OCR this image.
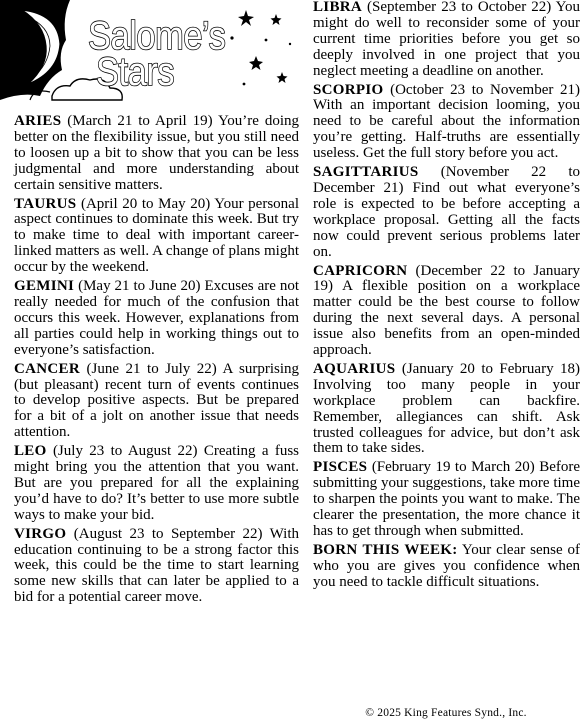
Salome’s
Stars

ARIES (March 21 to April 19) You’re doing better on the flexibility issue, but you still need to loosen up a bit to show that you can be less judgmental and more understanding about certain sensitive matters.

TAURUS (April 20 to May 20) Your personal aspect continues to dominate this week. But try to make time to deal with important career-linked matters as well. A change of plans might occur by the weekend.

GEMINI (May 21 to June 20) Excuses are not really needed for much of the confusion that occurs this week. However, explanations from all parties could help in working things out to everyone’s satisfaction.

CANCER (June 21 to July 22) A surprising (but pleasant) recent turn of events continues to develop positive aspects. But be prepared for a bit of a jolt on another issue that needs attention.

LEO (July 23 to August 22) Creating a fuss might bring you the attention that you want. But are you prepared for all the explaining you’d have to do? It’s better to use more subtle ways to make your bid.

VIRGO (August 23 to September 22) With education continuing to be a strong factor this week, this could be the time to start learning some new skills that can later be applied to a bid for a potential career move.

LIBRA (September 23 to October 22) You might do well to reconsider some of your current time priorities before you get so deeply involved in one project that you neglect meeting a deadline on another.

SCORPIO (October 23 to November 21) With an important decision looming, you need to be careful about the information you’re getting. Half-truths are essentially useless. Get the full story before you act.

SAGITTARIUS (November 22 to December 21) Find out what everyone’s role is expected to be before accepting a workplace proposal. Getting all the facts now could prevent serious problems later on.

CAPRICORN (December 22 to January 19) A flexible position on a workplace matter could be the best course to follow during the next several days. A personal issue also benefits from an open-minded approach.

AQUARIUS (January 20 to February 18) Involving too many people in your workplace problem can backfire. Remember, allegiances can shift. Ask trusted colleagues for advice, but don’t ask them to take sides.

PISCES (February 19 to March 20) Before submitting your suggestions, take more time to sharpen the points you want to make. The clearer the presentation, the more chance it has to get through when submitted.

BORN THIS WEEK: Your clear sense of who you are gives you confidence when you need to tackle difficult situations.

© 2025 King Features Synd., Inc.
